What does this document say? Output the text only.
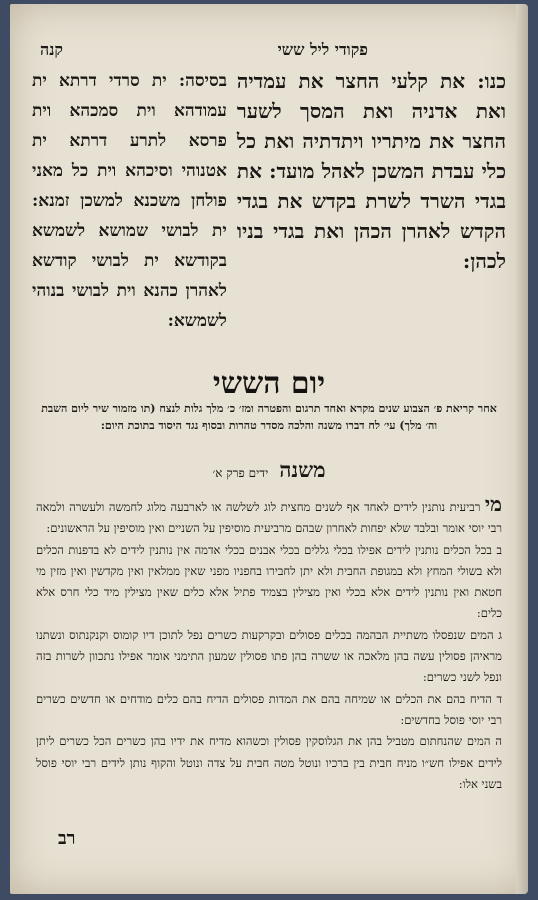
פקודי ליל ששי
קנה

כנו: את קלעי החצר את עמדיה ואת אדניה ואת המסך לשער החצר את מיתריו ויתדתיה ואת כל כלי עבדת המשכן לאהל מועד: את בגדי השרד לשרת בקדש את בגדי הקדש לאהרן הכהן ואת בגדי בניו לכהן:

בסיסה: ית סרדי דרתא ית עמודהא וית סמכהא וית פרסא לתרע דרתא ית אטנוהי וסיכהא וית כל מאני פולחן משכנא למשכן זמנא: ית לבושי שמושא לשמשא בקודשא ית לבושי קודשא לאהרן כהנא וית לבושי בנוהי לשמשא:

יום הששי
אחר קריאת פ׳ הצבוע שנים מקרא ואחד תרגום והפטרה ומז׳ כ׳ מלך גלות לנצח (תו מזמור שיר ליום השבת וה׳ מלך) עי׳ לח דברו משנה והלכה מסדר טהרות ובסוף נגד היסוד בתוכת היום:
משנה ידים פרק א׳

מי רביעית נותנין לידים לאחד אף לשנים מחצית לוג לשלשה או לארבעה מלוג לחמשה ולעשרה ולמאה רבי יוסי אומר ובלבד שלא יפחות לאחרון שבהם מרביעית מוסיפין על השניים ואין מוסיפין על הראשונים:

ב בכל הכלים נותנין לידים אפילו בכלי גללים בכלי אבנים בכלי אדמה אין נותנין לידים לא בדפנות הכלים ולא בשולי המחץ ולא במגופת החבית ולא יתן לחבירו בחפניו מפני שאין ממלאין ואין מקדשין ואין מזין מי חטאת ואין נותנין לידים אלא בכלי ואין מצילין בצמיד פתיל אלא כלים שאין מצילין מיד כלי חרס אלא כלים:

ג המים שנפסלו משתיית הבהמה בכלים פסולים ובקרקעות כשרים נפל לתוכן דיו קומוס וקנקנתוס ונשתנו מראיהן פסולין עשה בהן מלאכה או ששרה בהן פתו פסולין שמעון התימני אומר אפילו נתכוון לשרות בזה ונפל לשני כשרים:

ד הדיח בהם את הכלים או שמיחה בהם את המדות פסולים הדיח בהם כלים מודחים או חדשים כשרים רבי יוסי פוסל בחדשים:

ה המים שהנחתום מטביל בהן את הגלוסקין פסולין וכשהוא מדיח את ידיו בהן כשרים הכל כשרים ליתן לידים אפילו חש״ו מניח חבית בין ברכיו ונוטל מטה חבית על צדה ונוטל והקוף נותן לידים רבי יוסי פוסל בשני אלו:

רב
